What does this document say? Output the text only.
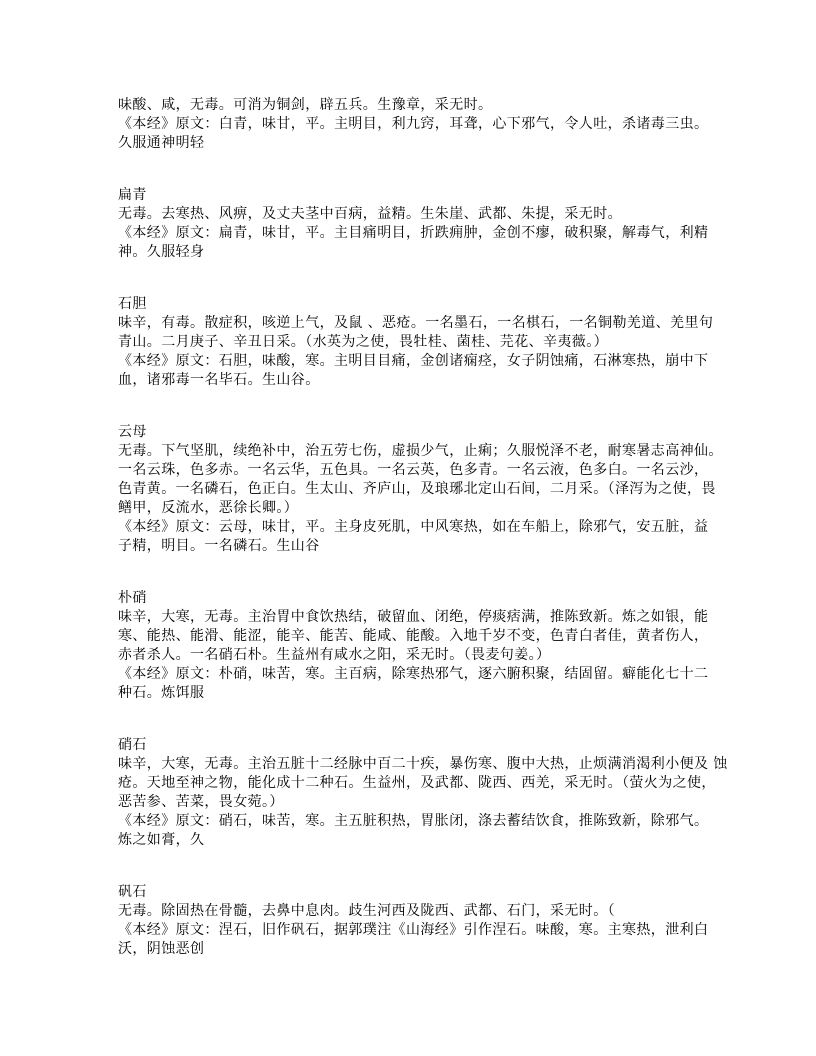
味酸、咸，无毒。可消为铜剑，辟五兵。生豫章，采无时。
《本经》原文：白青，味甘，平。主明目，利九窍，耳聋，心下邪气，令人吐，杀诸毒三虫。
久服通神明轻
扁青
无毒。去寒热、风痹，及丈夫茎中百病，益精。生朱崖、武都、朱提，采无时。
《本经》原文：扁青，味甘，平。主目痛明目，折跌痈肿，金创不瘳，破积聚，解毒气，利精
神。久服轻身
石胆
味辛，有毒。散症积，咳逆上气，及鼠 、恶疮。一名墨石，一名棋石，一名铜勒羌道、羌里句
青山。二月庚子、辛丑日采。（水英为之使，畏牡桂、菌桂、芫花、辛夷薇。）
《本经》原文：石胆，味酸，寒。主明目目痛，金创诸痫痉，女子阴蚀痛，石淋寒热，崩中下
血，诸邪毒一名毕石。生山谷。
云母
无毒。下气坚肌，续绝补中，治五劳七伤，虚损少气，止痢；久服悦泽不老，耐寒暑志高神仙。
一名云珠，色多赤。一名云华，五色具。一名云英，色多青。一名云液，色多白。一名云沙，
色青黄。一名磷石，色正白。生太山、齐庐山，及琅琊北定山石间，二月采。（泽泻为之使，畏
鳝甲，反流水，恶徐长卿。）
《本经》原文：云母，味甘，平。主身皮死肌，中风寒热，如在车船上，除邪气，安五脏，益
子精，明目。一名磷石。生山谷
朴硝
味辛，大寒，无毒。主治胃中食饮热结，破留血、闭绝，停痰痞满，推陈致新。炼之如银，能
寒、能热、能滑、能涩，能辛、能苦、能咸、能酸。入地千岁不变，色青白者佳，黄者伤人，
赤者杀人。一名硝石朴。生益州有咸水之阳，采无时。（畏麦句姜。）
《本经》原文：朴硝，味苦，寒。主百病，除寒热邪气，逐六腑积聚，结固留。癖能化七十二
种石。炼饵服
硝石
味辛，大寒，无毒。主治五脏十二经脉中百二十疾，暴伤寒、腹中大热，止烦满消渴利小便及 蚀
疮。天地至神之物，能化成十二种石。生益州，及武都、陇西、西羌，采无时。（萤火为之使，
恶苦参、苦菜，畏女菀。）
《本经》原文：硝石，味苦，寒。主五脏积热，胃胀闭，涤去蓄结饮食，推陈致新，除邪气。
炼之如膏，久
矾石
无毒。除固热在骨髓，去鼻中息肉。歧生河西及陇西、武都、石门，采无时。（
《本经》原文：涅石，旧作矾石，据郭璞注《山海经》引作涅石。味酸，寒。主寒热，泄利白
沃，阴蚀恶创
